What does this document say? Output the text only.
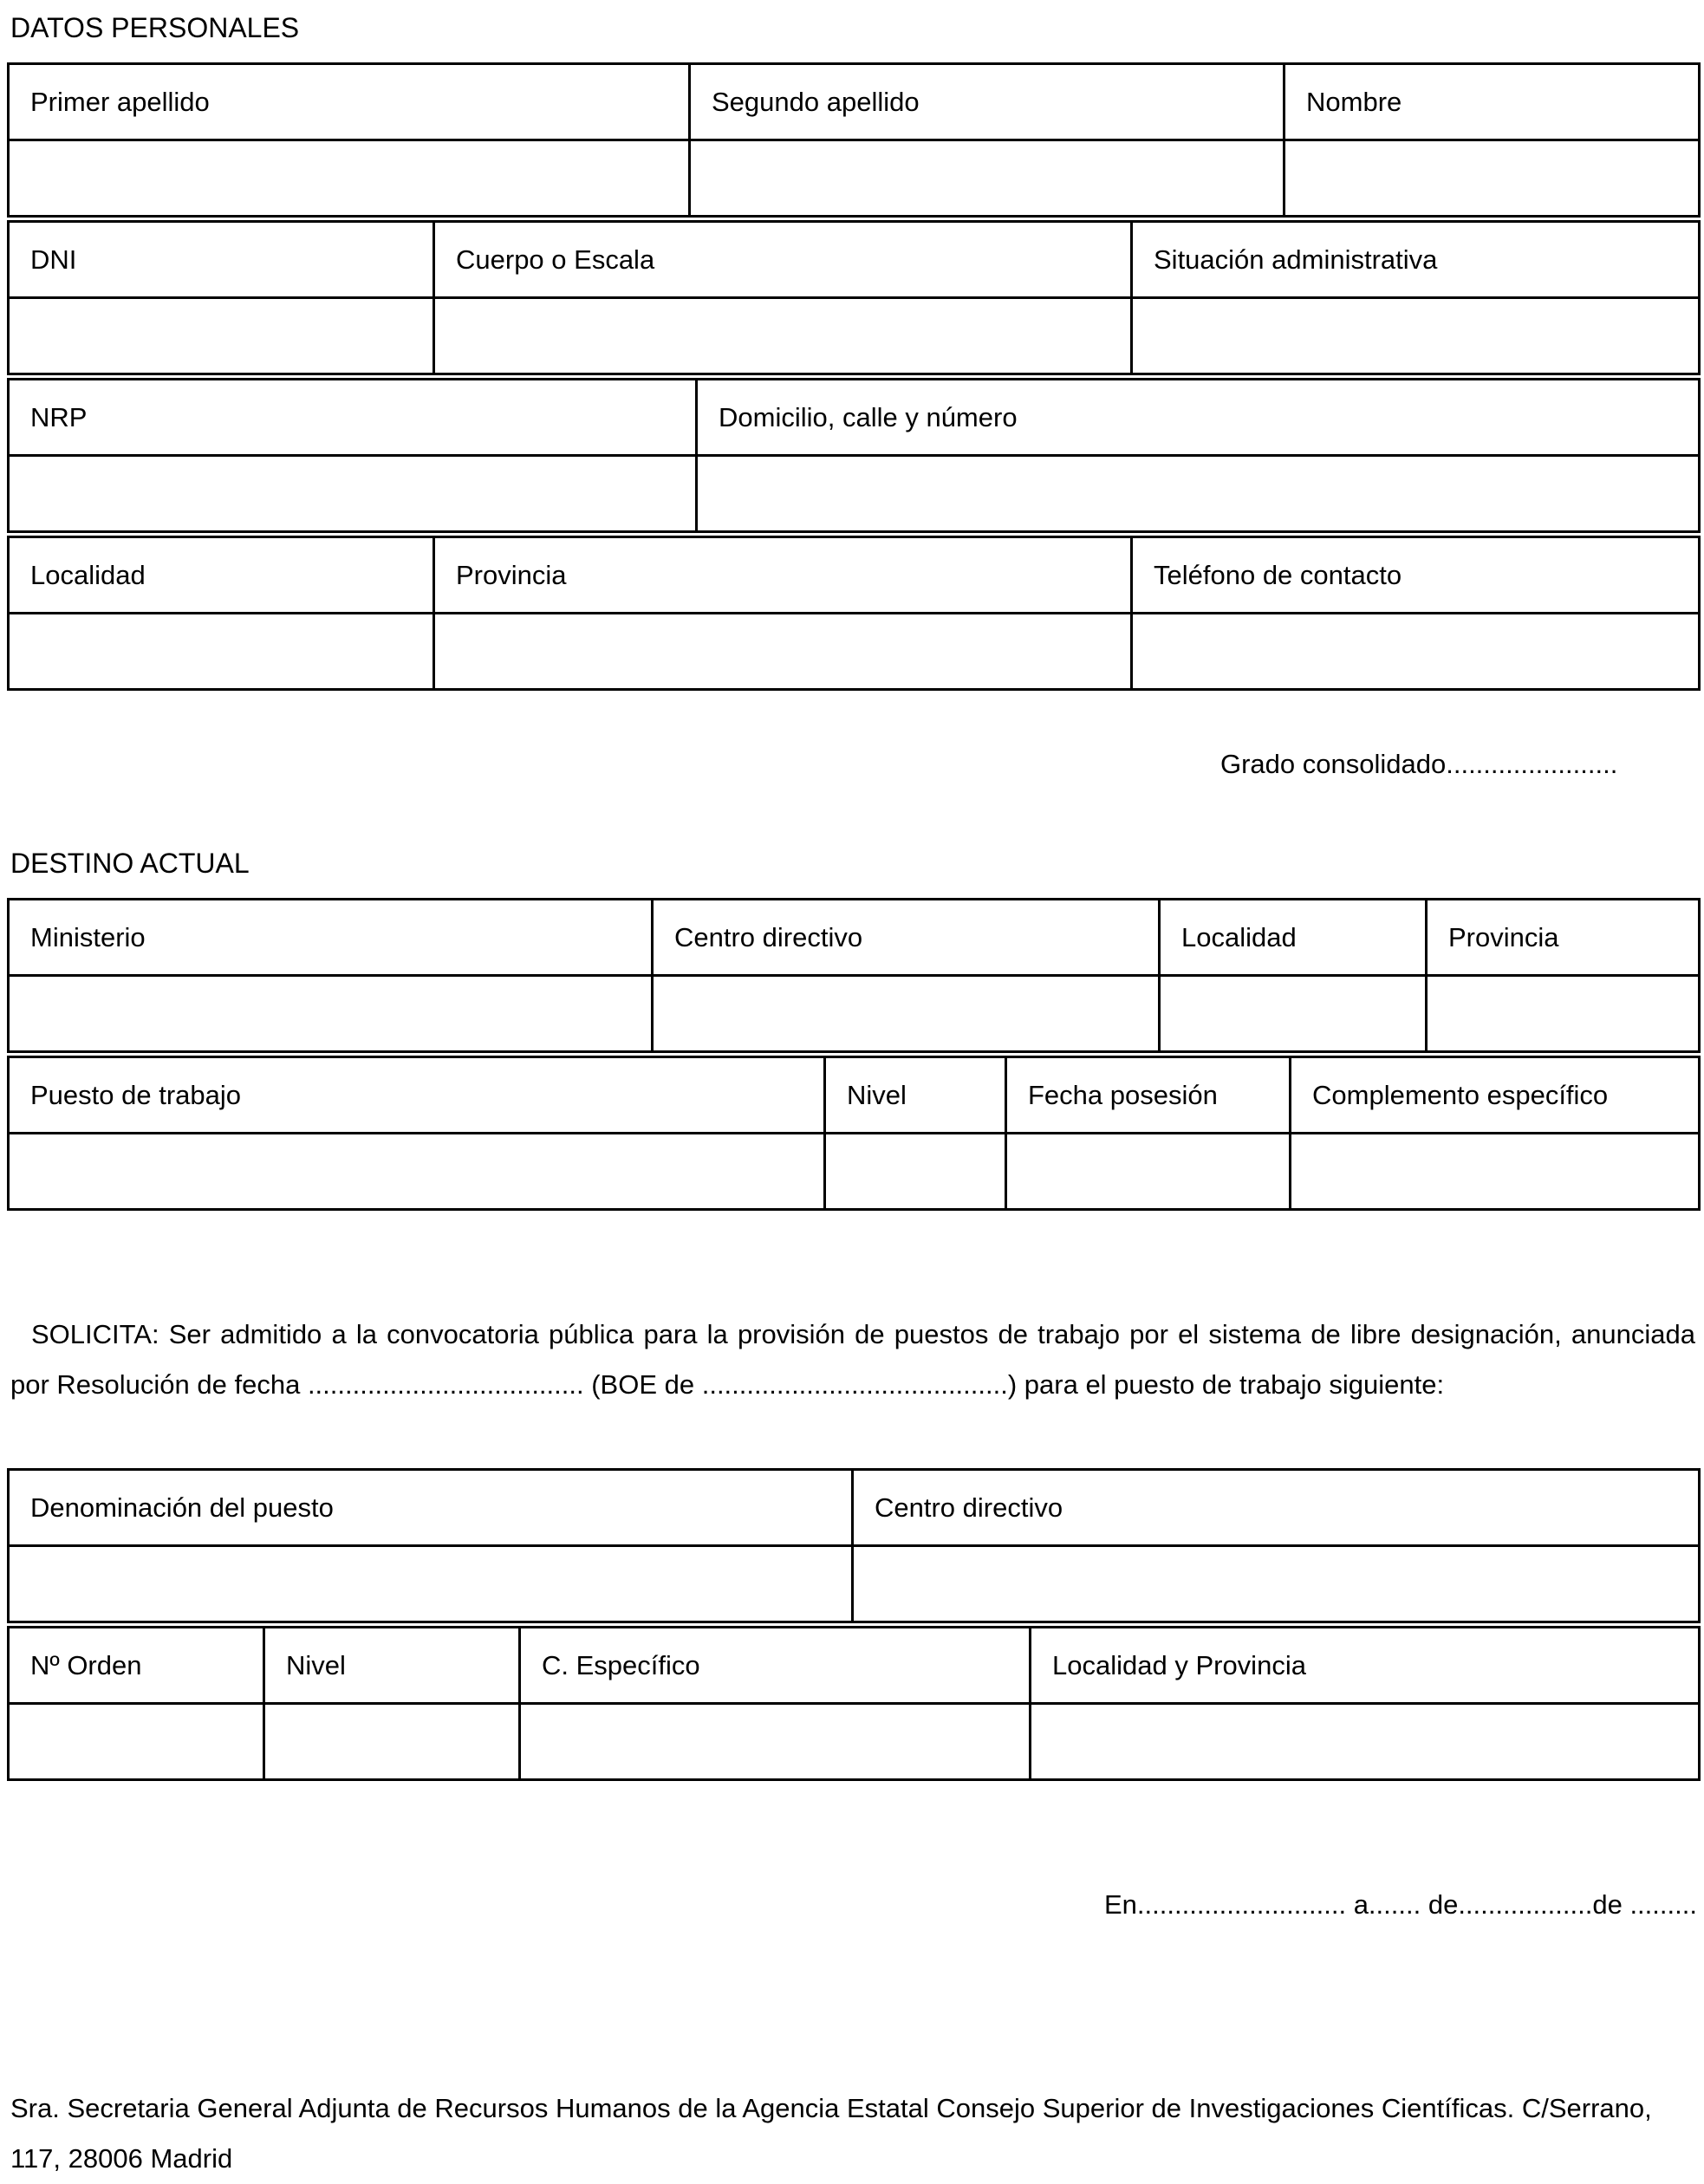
DATOS PERSONALES
Primer apellido	Segundo apellido	Nombre

DNI	Cuerpo o Escala	Situación administrativa

NRP	Domicilio, calle y número

Localidad	Provincia	Teléfono de contacto

Grado consolidado.......................
DESTINO ACTUAL
Ministerio	Centro directivo	Localidad	Provincia

Puesto de trabajo	Nivel	Fecha posesión	Complemento específico

SOLICITA: Ser admitido a la convocatoria pública para la provisión de puestos de trabajo por el sistema de libre designación, anunciada por Resolución de fecha ..................................... (BOE de .........................................) para el puesto de trabajo siguiente:
Denominación del puesto	Centro directivo

Nº Orden	Nivel	C. Específico	Localidad y Provincia

En............................ a....... de..................de .........
Sra. Secretaria General Adjunta de Recursos Humanos de la Agencia Estatal Consejo Superior de Investigaciones Científicas. C/Serrano, 117, 28006 Madrid
